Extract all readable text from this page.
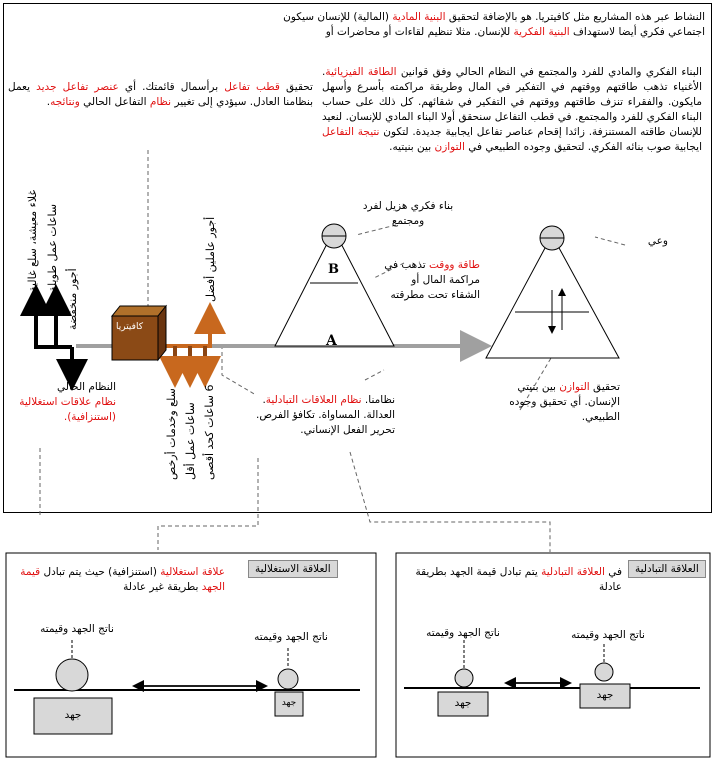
النشاط عبر هذه المشاريع مثل كافيتريا. هو بالإضافة لتحقيق البنية المادية (المالية) للإنسان سيكون
اجتماعي فكري أيضا لاستهداف البنية الفكرية للإنسان. مثلا تنظيم لقاءات أو محاضرات أو
البناء الفكري والمادي للفرد والمجتمع في النظام الحالي وفق قوانين الطاقة الفيزيائية. الأغنياء تذهب طاقتهم ووقتهم في التفكير في المال وطريقة مراكمته بأسرع وأسهل مايكون. والفقراء تنزف طاقتهم ووقتهم في التفكير في شقائهم. كل ذلك على حساب البناء الفكري للفرد والمجتمع. في قطب التفاعل سنحقق أولا البناء المادي للإنسان. لنعيد للإنسان طاقته المستنزفة. زائدا إقحام عناصر تفاعل ايجابية جديدة. لتكون نتيجة التفاعل ايجابية صوب بنائه الفكري. لتحقيق وجوده الطبيعي في التوازن بين بنيتيه.
تحقيق قطب تفاعل برأسمال قائمتك. أي عنصر تفاعل جديد يعمل بنظامنا العادل. سيؤدي إلى تغيير نظام التفاعل الحالي ونتائجه.
كافيتريا
A
B
بناء فكري هزيل لفرد ومجتمع
طاقة ووقت تذهب في مراكمة المال أو الشقاء تحت مطرقته
وعي
تحقيق التوازن بين بنيتي الإنسان. أي تحقيق وجوده الطبيعي.
النظام الحالي
نظام علاقات استغلالية
(استنزافية).
نظامنا. نظام العلاقات التبادلية. العدالة. المساواة. تكافؤ الفرص. تحرير الفعل الإنساني.
غلاء معيشة، سلع غالية ساعات عمل طويلة
أجور منخفضة	أجور عاملين أفضل
سلع وخدمات أرخص ساعات عمل أقل 6 ساعات كحد أقصى
العلاقة الاستغلالية
علاقة استغلالية (استنزافية) حيث يتم تبادل قيمة الجهد بطريقة غير عادلة
ناتج الجهد وقيمته
ناتج الجهد وقيمته
جهد
جهد
العلاقة التبادلية
في العلاقة التبادلية يتم تبادل قيمة الجهد بطريقة عادلة
ناتج الجهد وقيمته	ناتج الجهد وقيمته
جهد
جهد
